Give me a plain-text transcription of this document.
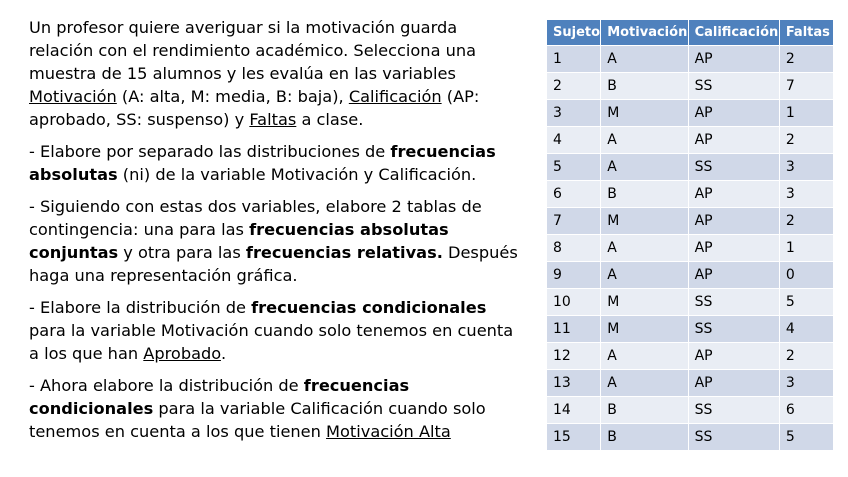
Un profesor quiere averiguar si la motivación guarda relación con el rendimiento académico. Selecciona una muestra de 15 alumnos y les evalúa en las variables Motivación (A: alta, M: media, B: baja), Calificación (AP: aprobado, SS: suspenso) y Faltas a clase.

- Elabore por separado las distribuciones de frecuencias absolutas (ni) de la variable Motivación y Calificación.

- Siguiendo con estas dos variables, elabore 2 tablas de contingencia: una para las frecuencias absolutas conjuntas y otra para las frecuencias relativas. Después haga una representación gráfica.

- Elabore la distribución de frecuencias condicionales para la variable Motivación cuando solo tenemos en cuenta a los que han Aprobado.

- Ahora elabore la distribución de frecuencias condicionales para la variable Calificación cuando solo tenemos en cuenta a los que tienen Motivación Alta

Sujeto	Motivación	Calificación	Faltas
1	A	AP	2
2	B	SS	7
3	M	AP	1
4	A	AP	2
5	A	SS	3
6	B	AP	3
7	M	AP	2
8	A	AP	1
9	A	AP	0
10	M	SS	5
11	M	SS	4
12	A	AP	2
13	A	AP	3
14	B	SS	6
15	B	SS	5
